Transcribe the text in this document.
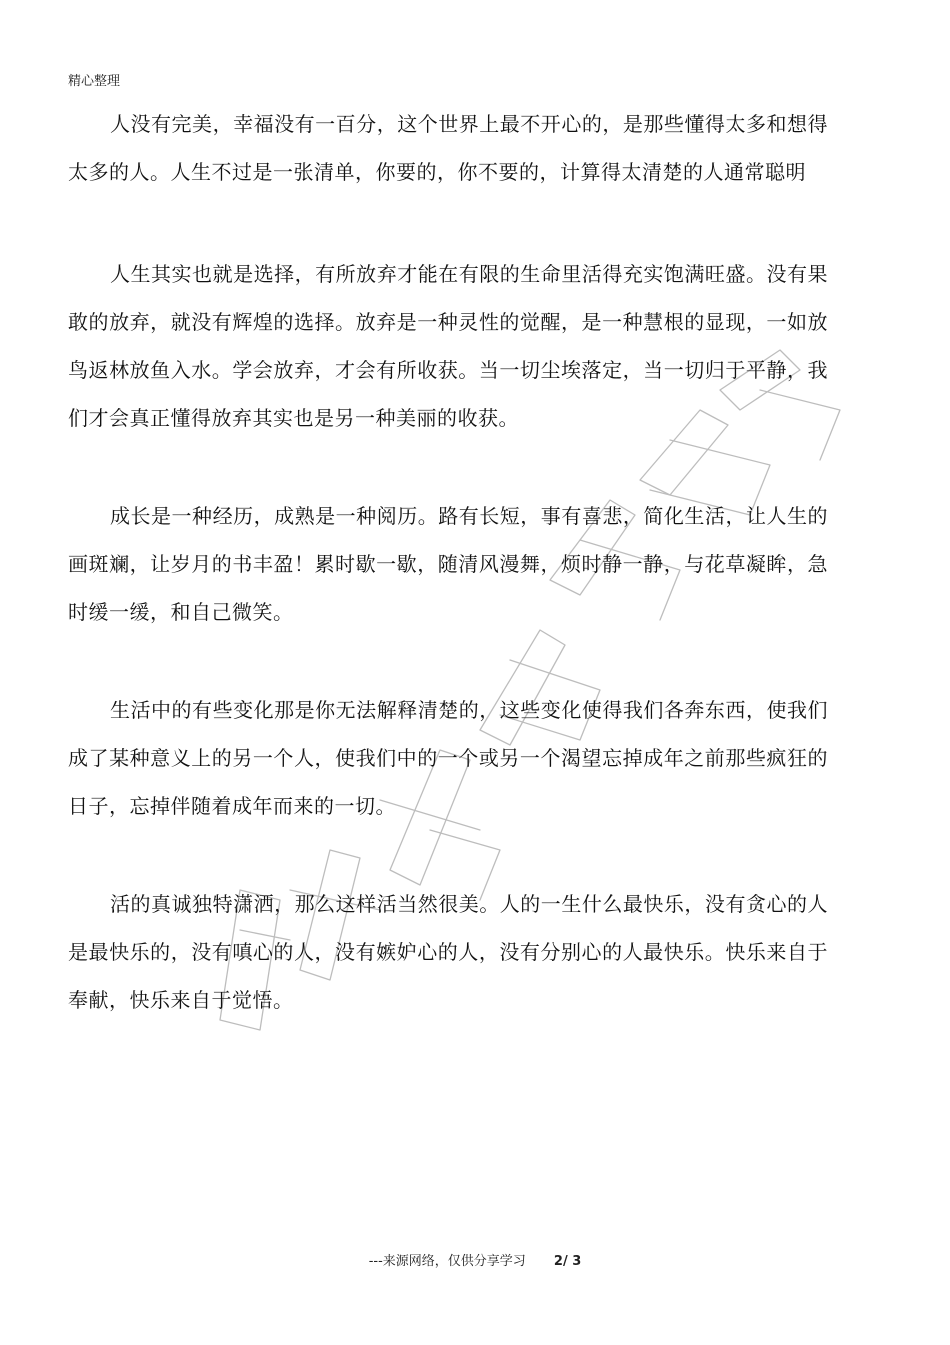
精心整理

人没有完美，幸福没有一百分，这个世界上最不开心的，是那些懂得太多和想得太多的人。人生不过是一张清单，你要的，你不要的，计算得太清楚的人通常聪明

人生其实也就是选择，有所放弃才能在有限的生命里活得充实饱满旺盛。没有果敢的放弃，就没有辉煌的选择。放弃是一种灵性的觉醒，是一种慧根的显现，一如放鸟返林放鱼入水。学会放弃，才会有所收获。当一切尘埃落定，当一切归于平静，我们才会真正懂得放弃其实也是另一种美丽的收获。

成长是一种经历，成熟是一种阅历。路有长短，事有喜悲，简化生活，让人生的画斑斓，让岁月的书丰盈！累时歇一歇，随清风漫舞，烦时静一静，与花草凝眸，急时缓一缓，和自己微笑。

生活中的有些变化那是你无法解释清楚的，这些变化使得我们各奔东西，使我们成了某种意义上的另一个人，使我们中的一个或另一个渴望忘掉成年之前那些疯狂的日子，忘掉伴随着成年而来的一切。

活的真诚独特潇洒，那么这样活当然很美。人的一生什么最快乐，没有贪心的人是最快乐的，没有嗔心的人，没有嫉妒心的人，没有分别心的人最快乐。快乐来自于奉献，快乐来自于觉悟。

---来源网络，仅供分享学习 2/ 3
